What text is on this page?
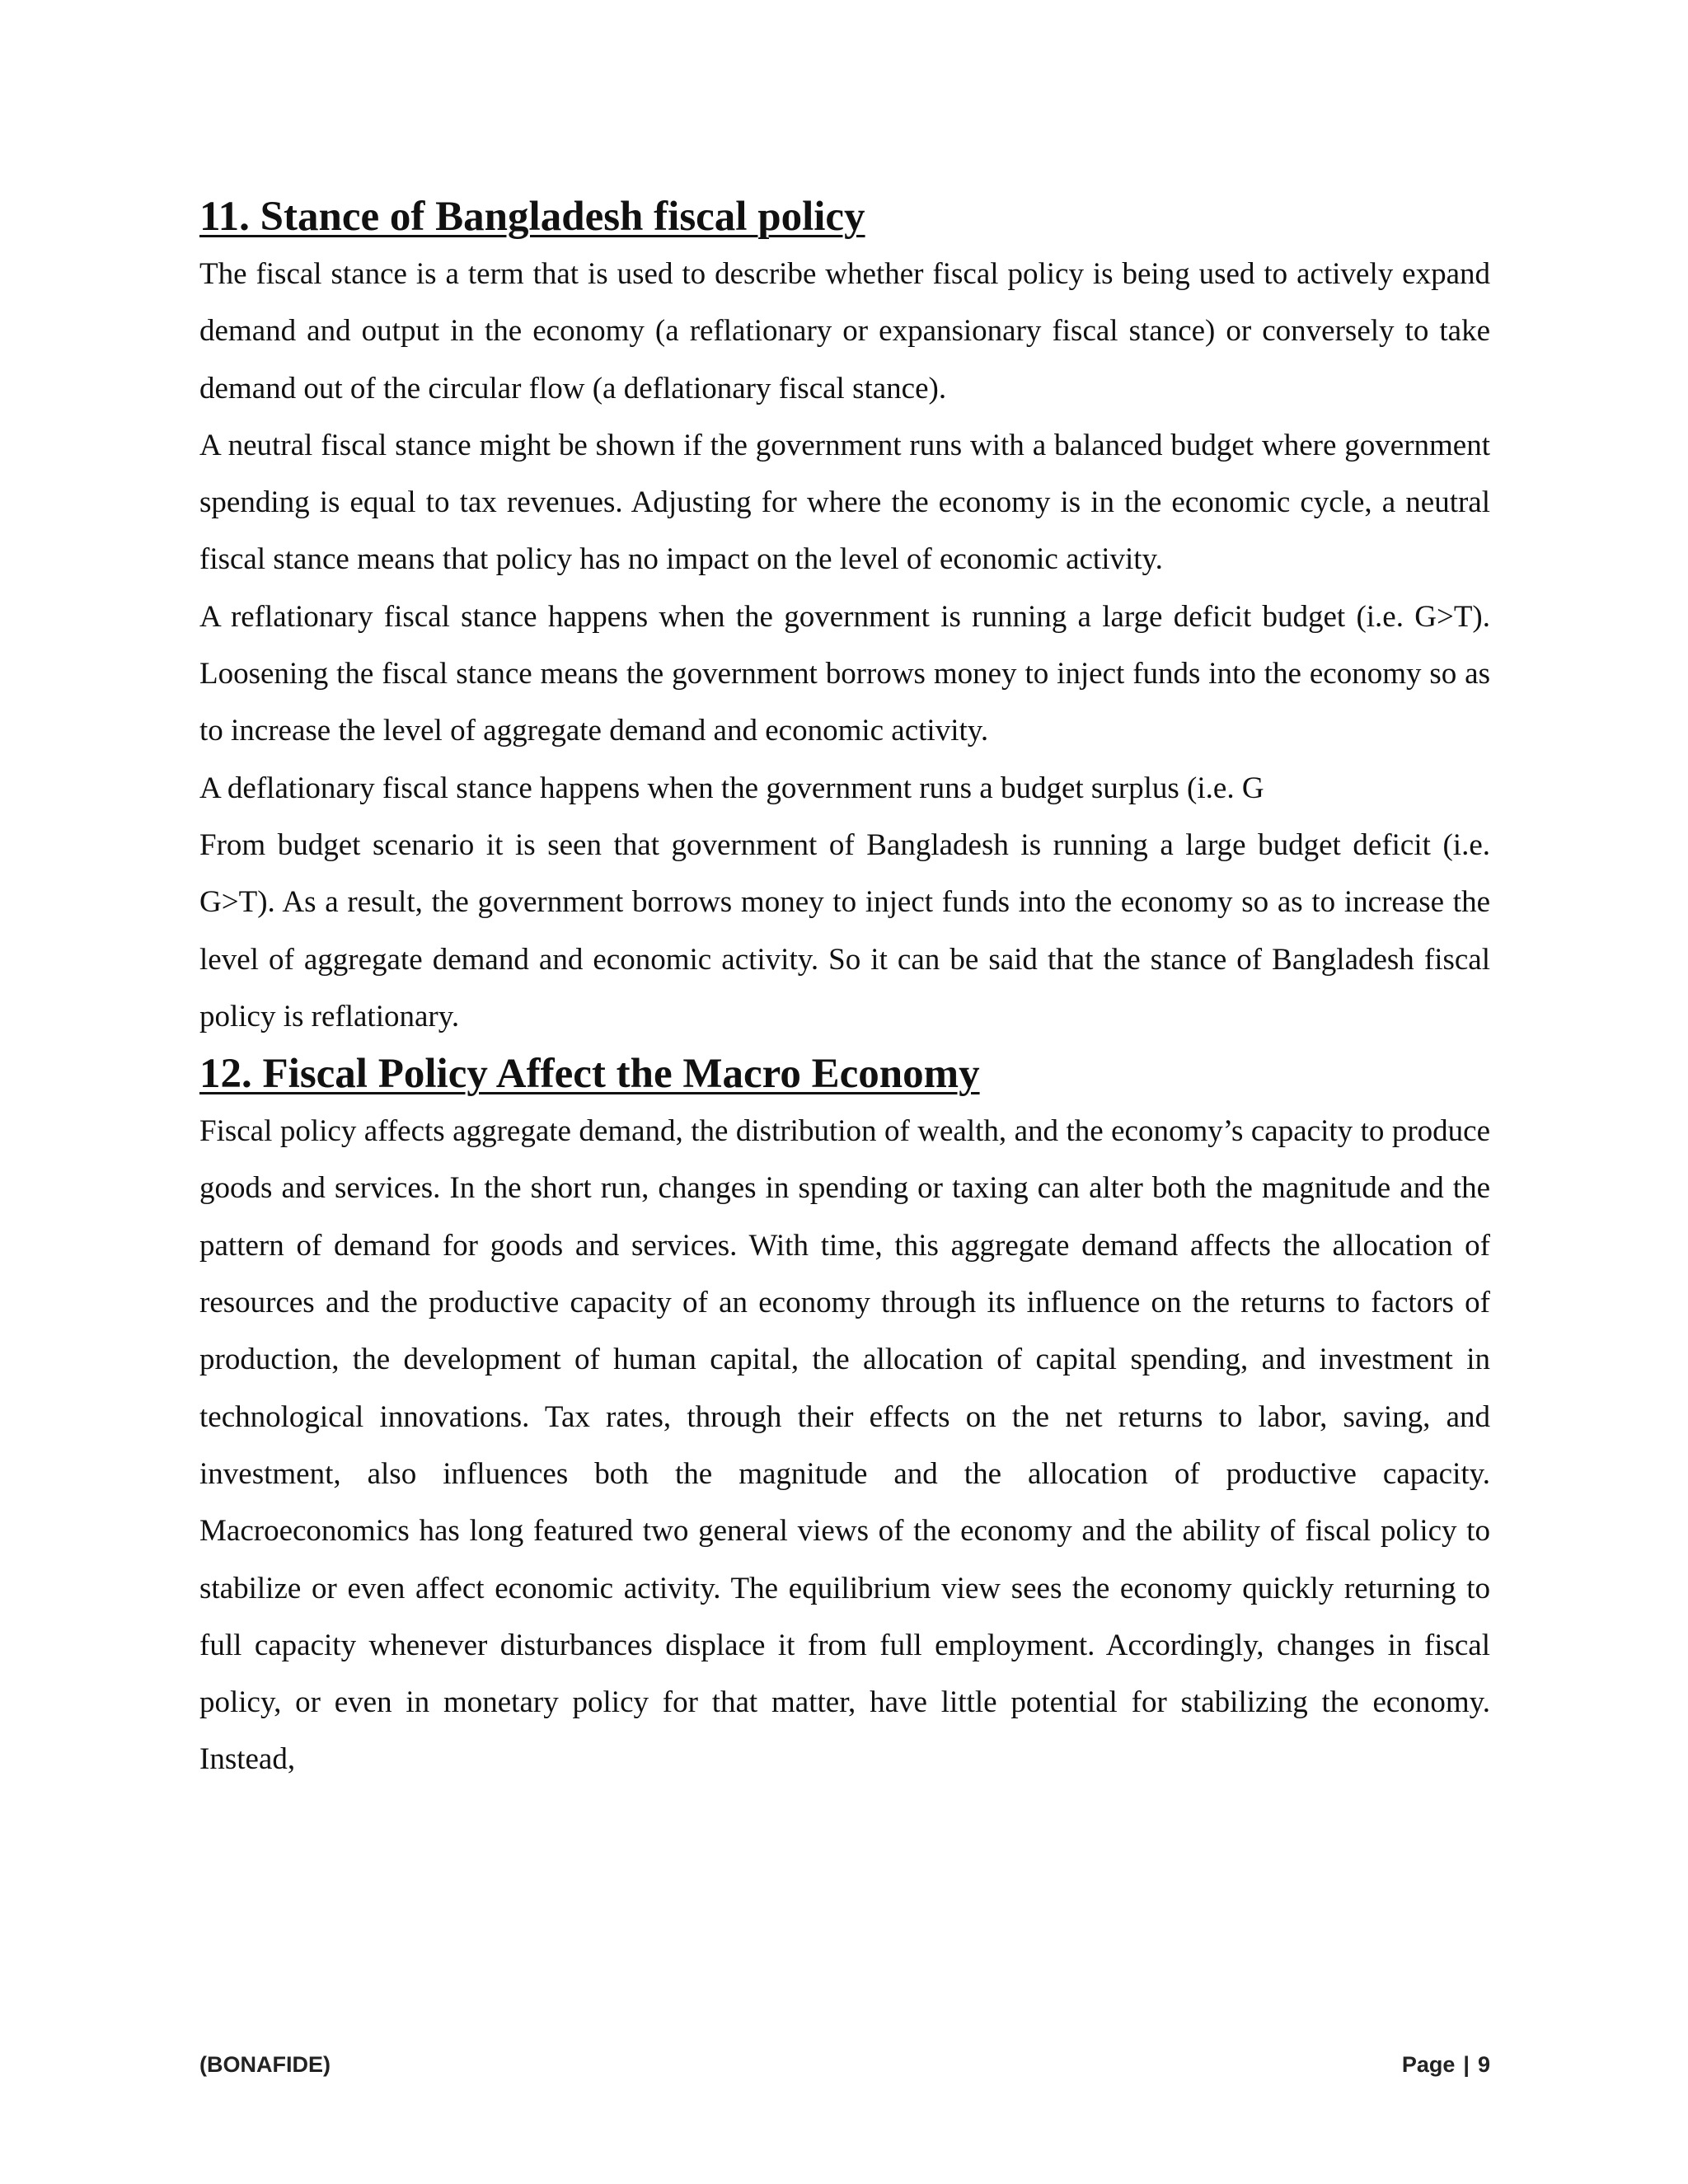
11. Stance of Bangladesh fiscal policy

The fiscal stance is a term that is used to describe whether fiscal policy is being used to actively expand demand and output in the economy (a reflationary or expansionary fiscal stance) or conversely to take demand out of the circular flow (a deflationary fiscal stance).

A neutral fiscal stance might be shown if the government runs with a balanced budget where government spending is equal to tax revenues. Adjusting for where the economy is in the economic cycle, a neutral fiscal stance means that policy has no impact on the level of economic activity.

A reflationary fiscal stance happens when the government is running a large deficit budget (i.e. G>T). Loosening the fiscal stance means the government borrows money to inject funds into the economy so as to increase the level of aggregate demand and economic activity.

A deflationary fiscal stance happens when the government runs a budget surplus (i.e. G

From budget scenario it is seen that government of Bangladesh is running a large budget deficit (i.e. G>T). As a result, the government borrows money to inject funds into the economy so as to increase the level of aggregate demand and economic activity. So it can be said that the stance of Bangladesh fiscal policy is reflationary.

12. Fiscal Policy Affect the Macro Economy

Fiscal policy affects aggregate demand, the distribution of wealth, and the economy’s capacity to produce goods and services. In the short run, changes in spending or taxing can alter both the magnitude and the pattern of demand for goods and services. With time, this aggregate demand affects the allocation of resources and the productive capacity of an economy through its influence on the returns to factors of production, the development of human capital, the allocation of capital spending, and investment in technological innovations. Tax rates, through their effects on the net returns to labor, saving, and investment, also influences both the magnitude and the allocation of productive capacity. Macroeconomics has long featured two general views of the economy and the ability of fiscal policy to stabilize or even affect economic activity. The equilibrium view sees the economy quickly returning to full capacity whenever disturbances displace it from full employment. Accordingly, changes in fiscal policy, or even in monetary policy for that matter, have little potential for stabilizing the economy. Instead,

(BONAFIDE)	Page | 9
